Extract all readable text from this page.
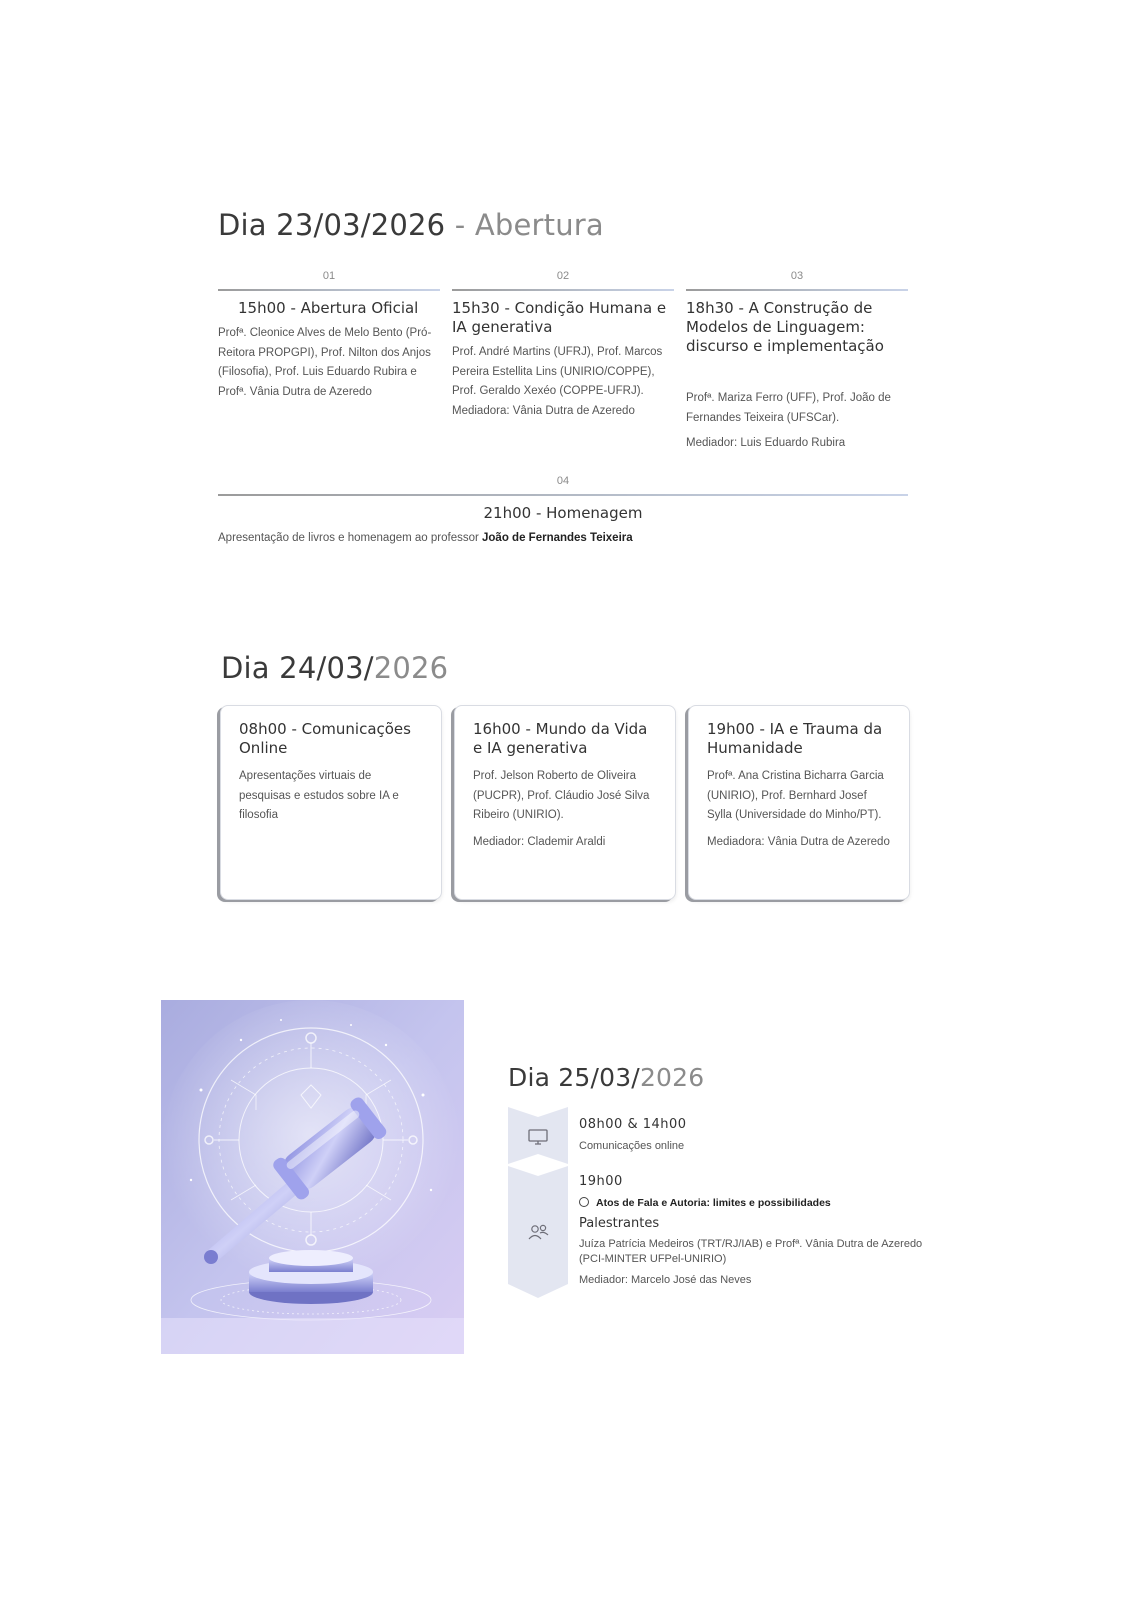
Dia 23/03/2026 - Abertura
01
15h00 - Abertura Oficial
Profª. Cleonice Alves de Melo Bento (Pró-Reitora PROPGPI), Prof. Nilton dos Anjos (Filosofia), Prof. Luis Eduardo Rubira e Profª. Vânia Dutra de Azeredo
02
15h30 - Condição Humana e IA generativa
Prof. André Martins (UFRJ), Prof. Marcos Pereira Estellita Lins (UNIRIO/COPPE), Prof. Geraldo Xexéo (COPPE-UFRJ). Mediadora: Vânia Dutra de Azeredo
03
18h30 - A Construção de Modelos de Linguagem: discurso e implementação
Profª. Mariza Ferro (UFF), Prof. João de Fernandes Teixeira (UFSCar).
Mediador: Luis Eduardo Rubira
04
21h00 - Homenagem
Apresentação de livros e homenagem ao professor João de Fernandes Teixeira
Dia 24/03/2026
08h00 - Comunicações Online
Apresentações virtuais de pesquisas e estudos sobre IA e filosofia
16h00 - Mundo da Vida e IA generativa
Prof. Jelson Roberto de Oliveira (PUCPR), Prof. Cláudio José Silva Ribeiro (UNIRIO).
Mediador: Clademir Araldi
19h00 - IA e Trauma da Humanidade
Profª. Ana Cristina Bicharra Garcia (UNIRIO), Prof. Bernhard Josef Sylla (Universidade do Minho/PT).
Mediadora: Vânia Dutra de Azeredo
Dia 25/03/2026
08h00 & 14h00
Comunicações online
19h00
Atos de Fala e Autoria: limites e possibilidades
Palestrantes
Juíza Patrícia Medeiros (TRT/RJ/IAB) e Profª. Vânia Dutra de Azeredo (PCI-MINTER UFPel-UNIRIO)
Mediador: Marcelo José das Neves
